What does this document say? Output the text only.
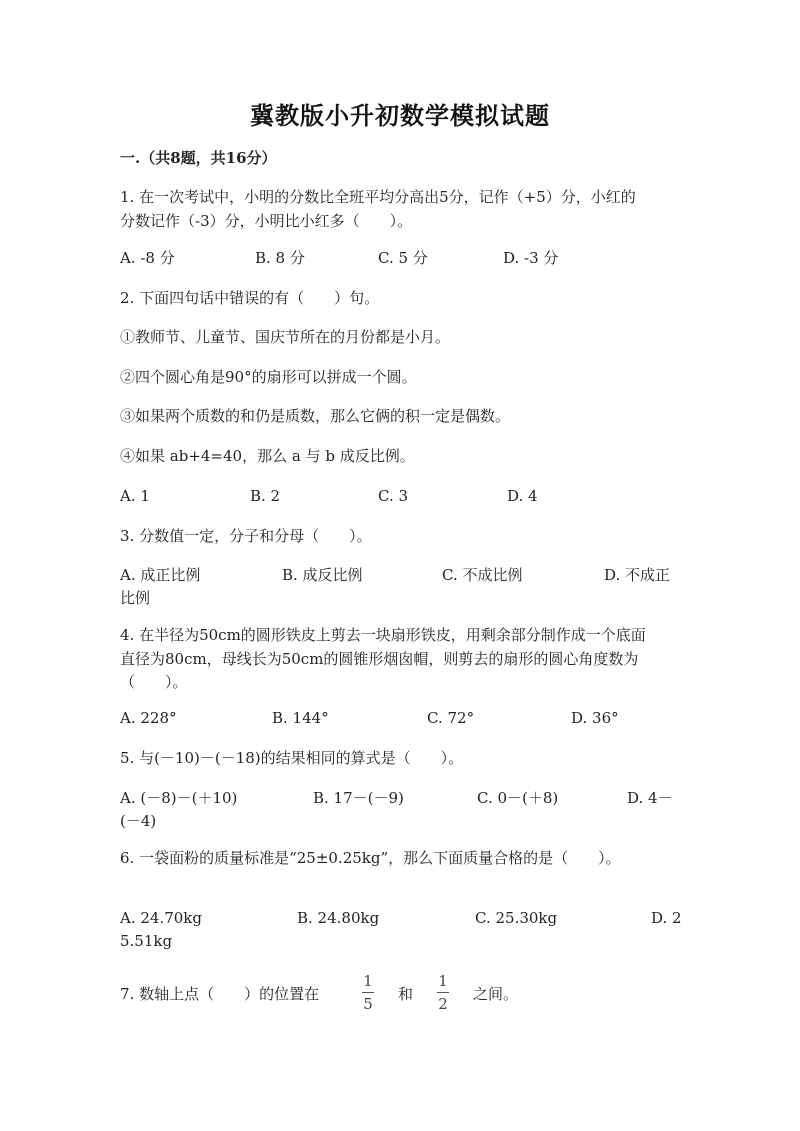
冀教版小升初数学模拟试题
一.（共8题，共16分）
1. 在一次考试中，小明的分数比全班平均分高出5分，记作（+5）分，小红的
分数记作（-3）分，小明比小红多（　　）。
A. -8 分	B. 8 分	C. 5 分	D. -3 分
2. 下面四句话中错误的有（　　）句。
①教师节、儿童节、国庆节所在的月份都是小月。
②四个圆心角是90°的扇形可以拼成一个圆。
③如果两个质数的和仍是质数，那么它俩的积一定是偶数。
④如果 ab+4=40，那么 a 与 b 成反比例。
A. 1	B. 2	C. 3	D. 4
3. 分数值一定，分子和分母（　　）。
A. 成正比例	B. 成反比例	C. 不成比例	D. 不成正
比例
4. 在半径为50cm的圆形铁皮上剪去一块扇形铁皮，用剩余部分制作成一个底面
直径为80cm，母线长为50cm的圆锥形烟囱帽，则剪去的扇形的圆心角度数为
（　　）。
A. 228°	B. 144°	C. 72°	D. 36°
5. 与(－10)－(－18)的结果相同的算式是（　　）。
A. (－8)－(＋10)	B. 17－(－9)	C. 0－(＋8)	D. 4－
(－4)
6. 一袋面粉的质量标准是“25±0.25kg”，那么下面质量合格的是（　　）。
A. 24.70kg	B. 24.80kg	C. 25.30kg	D. 2
5.51kg
7. 数轴上点（　　）的位置在
1
5
和
1
2
之间。
